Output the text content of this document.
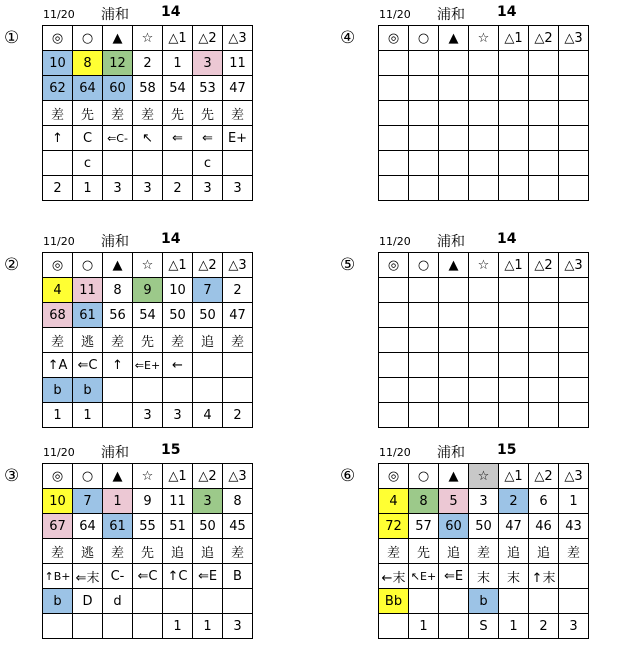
①
11/20 浦和 14
◎	○	▲	☆	△1	△2	△3
10	8	12	2	1	3	11
62	64	60	58	54	53	47
差	先	差	差	先	先	差
↑	C	⇐C-	↖	⇐	⇐	E+
	c				c	
2	1	3	3	2	3	3
④
11/20 浦和 14
◎	○	▲	☆	△1	△2	△3

②
11/20 浦和 14
◎	○	▲	☆	△1	△2	△3
4	11	8	9	10	7	2
68	61	56	54	50	50	47
差	逃	差	先	差	追	差
↑A	⇐C	↑	⇐E+	←		
b	b					
1	1		3	3	4	2
⑤
11/20 浦和 14
◎	○	▲	☆	△1	△2	△3

③
11/20 浦和 15
◎	○	▲	☆	△1	△2	△3
10	7	1	9	11	3	8
67	64	61	55	51	50	45
差	逃	差	先	追	追	差
↑B+	⇐末	C-	⇐C	↑C	⇐E	B
b	D	d				
				1	1	3
⑥
11/20 浦和 15
◎	○	▲	☆	△1	△2	△3
4	8	5	3	2	6	1
72	57	60	50	47	46	43
差	先	追	差	追	追	差
←末	↖E+	⇐E	末	末	↑末	
Bb			b			
	1		S	1	2	3
